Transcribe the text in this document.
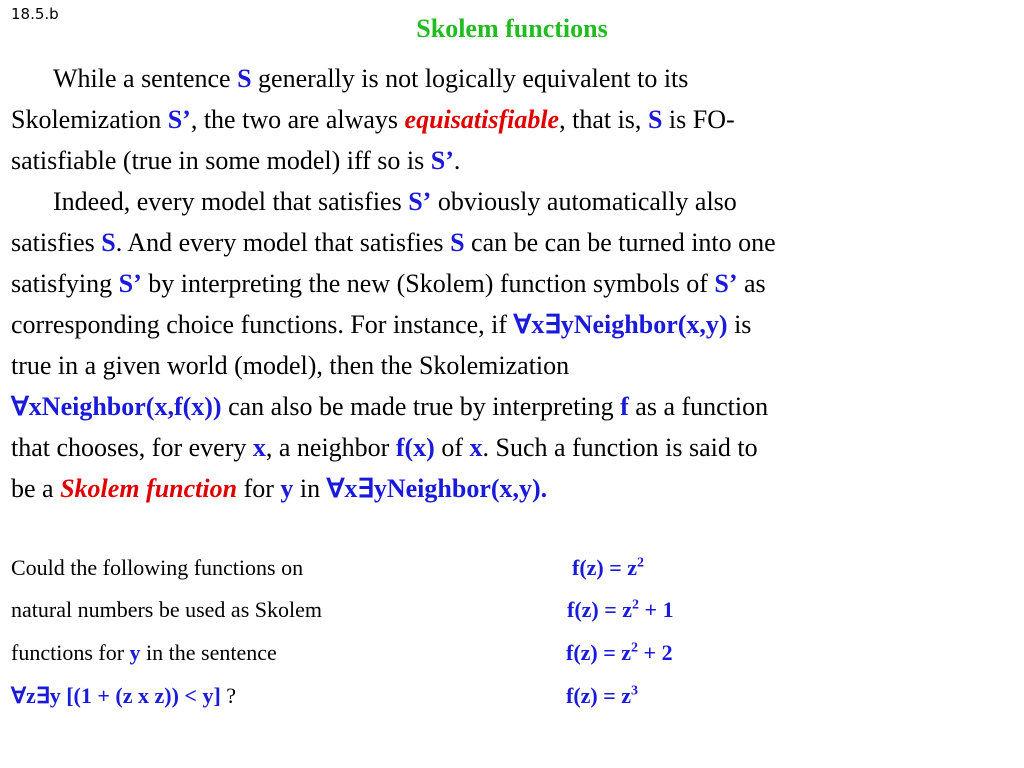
18.5.b	Skolem functions
While a sentence S generally is not logically equivalent to its
Skolemization S’, the two are always equisatisfiable, that is, S is FO-
satisfiable (true in some model) iff so is S’.
Indeed, every model that satisfies S’ obviously automatically also
satisfies S. And every model that satisfies S can be can be turned into one
satisfying S’ by interpreting the new (Skolem) function symbols of S’ as
corresponding choice functions. For instance, if ∀x∃yNeighbor(x,y) is
true in a given world (model), then the Skolemization
∀xNeighbor(x,f(x)) can also be made true by interpreting f as a function
that chooses, for every x, a neighbor f(x) of x. Such a function is said to
be a Skolem function for y in ∀x∃yNeighbor(x,y).
Could the following functions on
natural numbers be used as Skolem
functions for y in the sentence
∀z∃y [(1 + (z x z)) < y] ?
$f(z) = z^2$
$f(z) = z^2 + 1$
$f(z) = z^2 + 2$
$f(z) = z^3$
